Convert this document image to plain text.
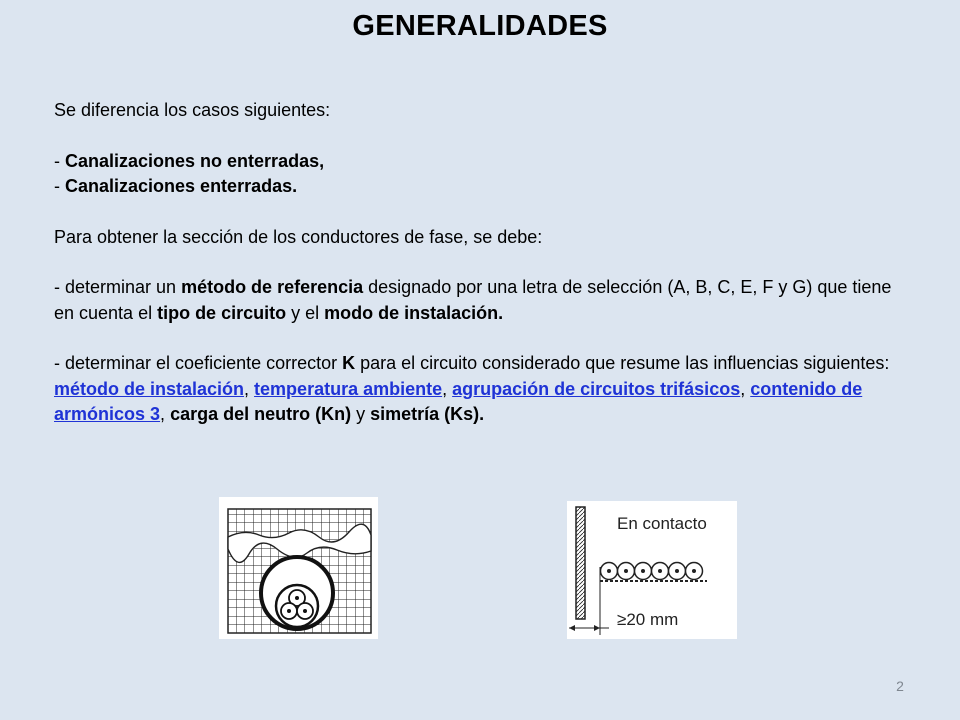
GENERALIDADES

Se diferencia los casos siguientes:

- Canalizaciones no enterradas,

- Canalizaciones enterradas.

Para obtener la sección de los conductores de fase, se debe:

- determinar un método de referencia designado por una letra de selección (A, B, C, E, F y G) que tiene en cuenta el tipo de circuito y el modo de instalación.

- determinar el coeficiente corrector K para el circuito considerado que resume las influencias siguientes: método de instalación, temperatura ambiente, agrupación de circuitos trifásicos, contenido de armónicos 3, carga del neutro (Kn) y simetría (Ks).

En contacto
≥20 mm
2
